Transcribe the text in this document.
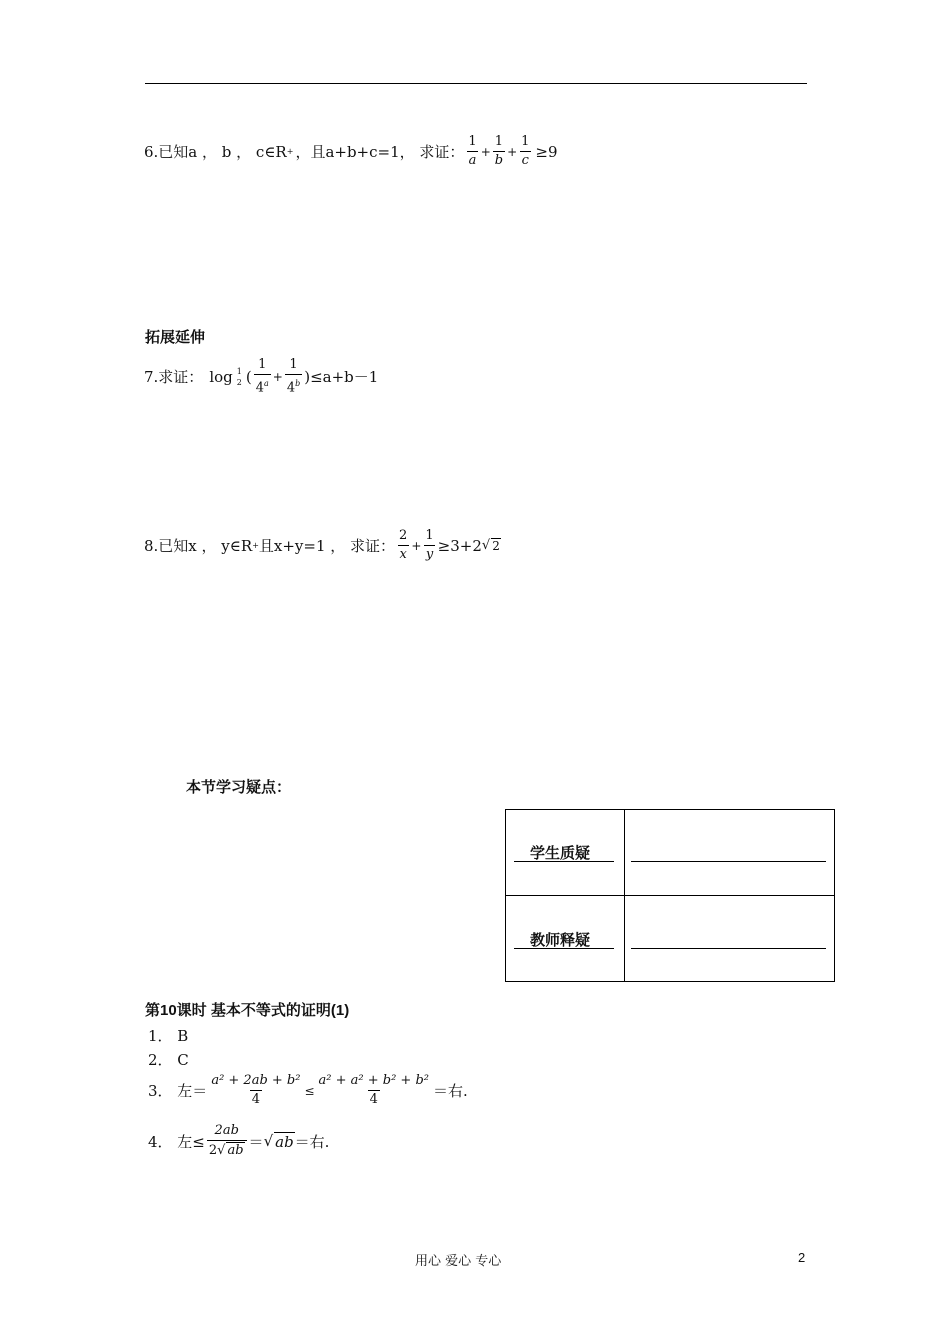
6.已知a ， b ， c∈R + ，且a+b+c=1， 求证： $\frac{1}{a} + \frac{1}{b} + \frac{1}{c} \ge 9$
拓展延伸
7.求证： log 1
2 ( $\frac{1}{4^a} + \frac{1}{4^b} )\le a+b-1$
8.已知x ， y∈R + 且x+y=1 ， 求证： $\frac{2}{x} + \frac{1}{y} \ge 3+2$ √ 2
本节学习疑点：

学生质疑
教师释疑
第10课时 基本不等式的证明(1)
1． B
2． C
3． 左＝ $\frac{\text{a² + 2ab + b²}}{4} \le \frac{\text{a² + a² + b² + b²}}{4}$ ＝右.
4． 左≤ $\frac{2ab}{2√ ab}$ ＝ √ ab ＝右.
用心 爱心 专心	2
